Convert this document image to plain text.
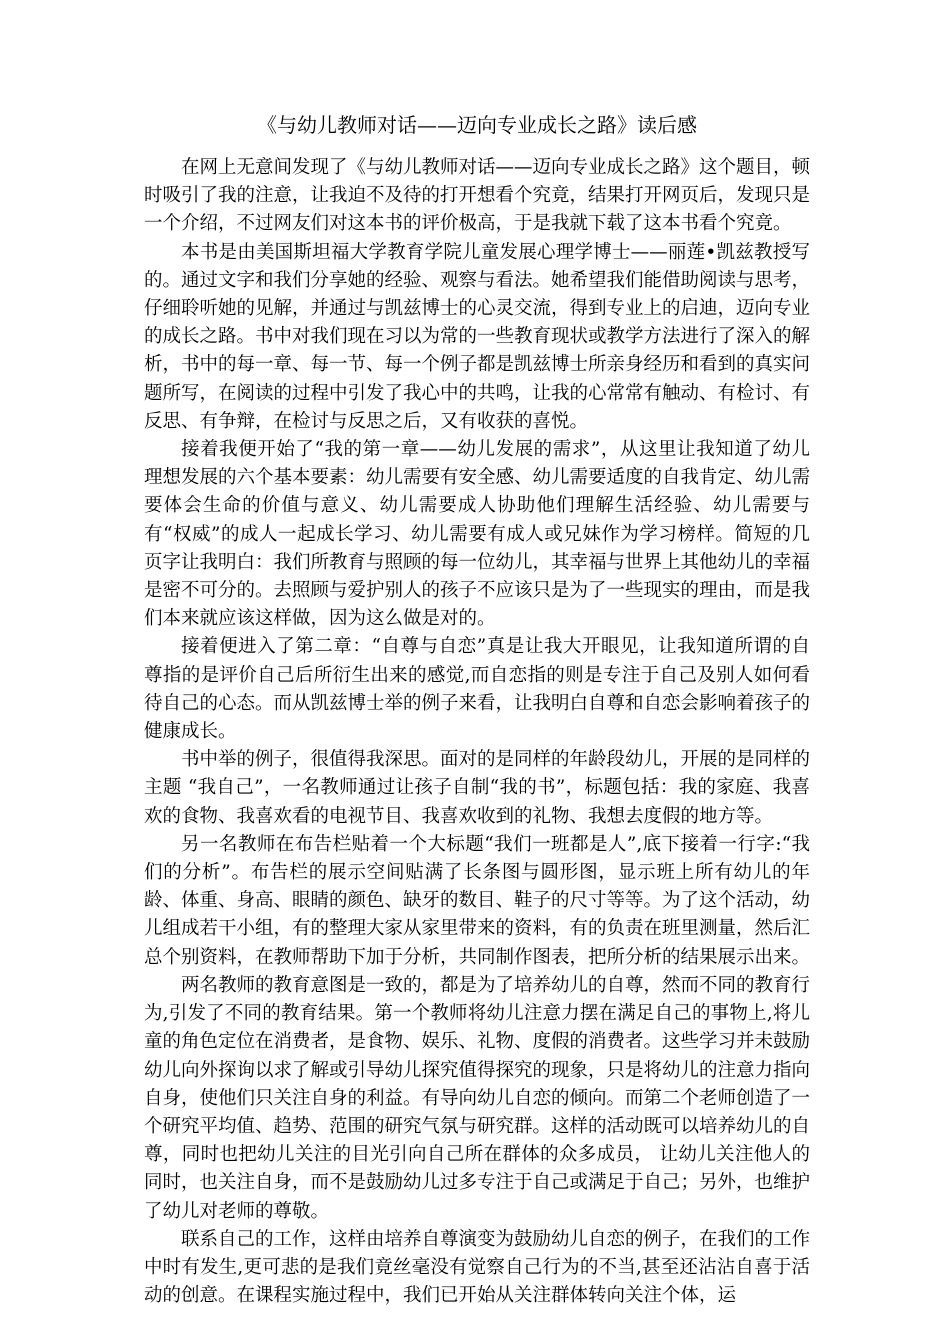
《与幼儿教师对话——迈向专业成长之路》读后感

在网上无意间发现了《与幼儿教师对话——迈向专业成长之路》这个题目，顿时吸引了我的注意，让我迫不及待的打开想看个究竟，结果打开网页后，发现只是一个介绍，不过网友们对这本书的评价极高，于是我就下载了这本书看个究竟。

本书是由美国斯坦福大学教育学院儿童发展心理学博士——丽莲•凯兹教授写的。通过文字和我们分享她的经验、观察与看法。她希望我们能借助阅读与思考，仔细聆听她的见解，并通过与凯兹博士的心灵交流，得到专业上的启迪，迈向专业的成长之路。书中对我们现在习以为常的一些教育现状或教学方法进行了深入的解析，书中的每一章、每一节、每一个例子都是凯兹博士所亲身经历和看到的真实问题所写，在阅读的过程中引发了我心中的共鸣，让我的心常常有触动、有检讨、有反思、有争辩，在检讨与反思之后，又有收获的喜悦。

接着我便开始了“我的第一章——幼儿发展的需求”，从这里让我知道了幼儿理想发展的六个基本要素：幼儿需要有安全感、幼儿需要适度的自我肯定、幼儿需要体会生命的价值与意义、幼儿需要成人协助他们理解生活经验、幼儿需要与有“权威”的成人一起成长学习、幼儿需要有成人或兄妹作为学习榜样。简短的几页字让我明白：我们所教育与照顾的每一位幼儿，其幸福与世界上其他幼儿的幸福是密不可分的。去照顾与爱护别人的孩子不应该只是为了一些现实的理由，而是我们本来就应该这样做，因为这么做是对的。

接着便进入了第二章：“自尊与自恋”真是让我大开眼见，让我知道所谓的自尊指的是评价自己后所衍生出来的感觉,而自恋指的则是专注于自己及别人如何看待自己的心态。而从凯兹博士举的例子来看，让我明白自尊和自恋会影响着孩子的健康成长。

书中举的例子，很值得我深思。面对的是同样的年龄段幼儿，开展的是同样的主题 “我自己”，一名教师通过让孩子自制“我的书”，标题包括：我的家庭、我喜欢的食物、我喜欢看的电视节目、我喜欢收到的礼物、我想去度假的地方等。

另一名教师在布告栏贴着一个大标题“我们一班都是人”,底下接着一行字:“我们的分析”。布告栏的展示空间贴满了长条图与圆形图，显示班上所有幼儿的年龄、体重、身高、眼睛的颜色、缺牙的数目、鞋子的尺寸等等。为了这个活动，幼儿组成若干小组，有的整理大家从家里带来的资料，有的负责在班里测量，然后汇总个别资料，在教师帮助下加于分析，共同制作图表，把所分析的结果展示出来。

两名教师的教育意图是一致的，都是为了培养幼儿的自尊，然而不同的教育行为,引发了不同的教育结果。第一个教师将幼儿注意力摆在满足自己的事物上,将儿童的角色定位在消费者，是食物、娱乐、礼物、度假的消费者。这些学习并未鼓励幼儿向外探询以求了解或引导幼儿探究值得探究的现象，只是将幼儿的注意力指向自身，使他们只关注自身的利益。有导向幼儿自恋的倾向。而第二个老师创造了一个研究平均值、趋势、范围的研究气氛与研究群。这样的活动既可以培养幼儿的自尊，同时也把幼儿关注的目光引向自己所在群体的众多成员， 让幼儿关注他人的同时，也关注自身，而不是鼓励幼儿过多专注于自己或满足于自己；另外，也维护了幼儿对老师的尊敬。

联系自己的工作，这样由培养自尊演变为鼓励幼儿自恋的例子，在我们的工作中时有发生,更可悲的是我们竟丝毫没有觉察自己行为的不当,甚至还沾沾自喜于活动的创意。在课程实施过程中，我们已开始从关注群体转向关注个体，运
